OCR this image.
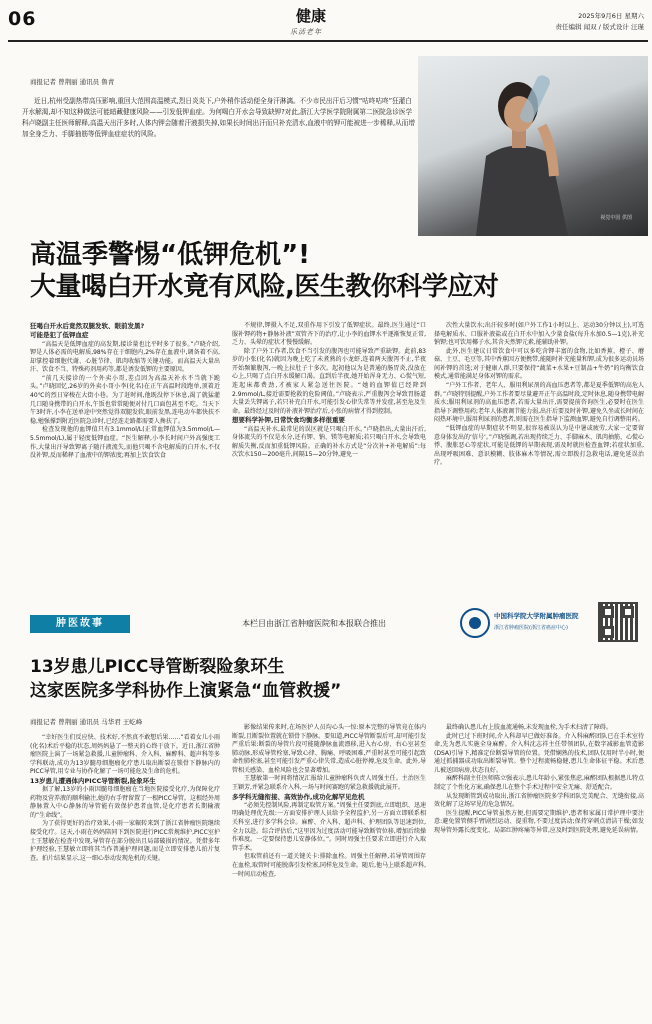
06	健康
乐活老年
2025年9月6日 星期六
责任编辑 闻双 / 版式设计 汪瑾
商报记者 曾荆丽 通讯员 鲁青
近日,杭州受副热带高压影响,重回大范围高温模式,烈日炎炎下,户外稍作活动便全身汗淋漓。不少市民出汗后习惯“咕咚咕咚”狂灌白开水解渴,却不知这种做法可能暗藏健康风险——引发低钾血症。为何喝白开水会导致缺钾?对此,浙江大学医学院附属第二医院急诊医学科卢晓副主任医师解释,高温天出汗多时,人体内钾会随着汗液损失掉,如果长时间出汗而只补充清水,血液中的钾可能被进一步稀释,从而增加全身乏力、手脚抽筋等低钾血症症状的风险。
视觉中国 供图
高温季警惕“低钾危机”!
大量喝白开水竟有风险,医生教你科学应对

狂喝白开水后竟然双腿发软、眼前发黑?

可能是犯了低钾血症

“高温天是低钾血症的高发期,接诊量也比平时多了很多。”卢晓介绍,钾是人体必需的电解质,98%存在于细胞内,2%存在血液中,调备着不高,却掌控着细胞代谢、心脏节律、肌肉收缩等关键功能。而高温天大量出汗、饮食不当、特殊药剂用药等,都是诱发低钾的主要原因。

“前几天接诊的一个外卖小哥,差点因为高温天补水不当就下跪头。”卢晓回忆,26岁的外卖小哥小李(化名)在正午高温时段跑单,顶着近40℃的烈日穿梭在大街小巷。为了赶时间,他既没停下休息,渴了就猛灌几口随身携带的白开水,午饭也常常随便对付几口面包甚至不吃。当天下午3时许,小李在送单途中突然觉得双腿发软,眼前发黑,连电动车都快扶不稳,勉强撑到附近医院急诊时,已经连走路都需要人搀扶了。

检查发现他的血钾值只有3.1mmol/L(正常血钾值为3.5mmol/L—5.5mmol/L),属于轻度低钾血症。“医生解释,小李长时间户外高强度工作,大量出汗导致钾离子随汗液流失,而他只喝不含电解质的白开水,不仅没补钾,反而稀释了血液中的钾浓度;再加上饮食饮食

不规律,钾摄入不足,双重作用下引发了低钾症状。最终,医生通过“口服补钾药物+静脉补液”双管齐下的治疗,让小李的血钾水平逐渐恢复正常,乏力、头晕的症状才慢慢缓解。

除了户外工作者,饮食不当引发的腹泻也可能导致严重缺钾。此前,83岁的小张(化名)就因为晚上吃了未煮熟的小龙虾,连着两天腹泻不止,半夜开始频繁腹泻,一晚上拉肚子十多次。起初他以为是普通的肠胃炎,没放在心上,只喝了点白开水缓解口渴。直到后半夜,她开始浑身无力、心慌气短,连起床都费劲,才被家人紧急送往医院。“她的血钾值已经降到2.9mmol/L,接近需要抢救的危险阈值。”卢晓表示,严重腹泻会导致胃肠道大量丢失钾离子,若只补充白开水,可能引发心律失常等并发症,甚至危及生命。最终经过及时的补液补钾治疗后,小张的病情才得到控制。

想要科学补钾,日常饮食均衡多样很重要

“高温天补水,最常见的误区就是只喝白开水。”卢晓指出,大量出汗后,身体流失的不仅是水分,还有钾、钠、镁等电解质;若只喝白开水,会导致电解质失衡,反而加重低钾风险。正确的补水方式是“分次补+补电解质”:每次饮水150—200毫升,间隔15—20分钟,避免一

次性大量饮水;出汗较多时(如户外工作1小时以上、运动30分钟以上),可选择电解质水、口服补液盐或在白开水中加入少量食盐(每升水加0.5—1克),补充钠钾;也可饮用椰子水,其含天然钾元素,能辅助补钾。

此外,医生建议日常饮食中可以多吃含钾丰富的食物,比如香蕉、橙子、蘑菇、土豆、毛豆等,其中香蕉因方便携带,能随时补充能量和钾,成为很多运动员场间补钾的首选;对于健康人群,只要保持“蔬菜+水果+豆制品+牛奶”的均衡饮食模式,通常能满足身体对钾的需求。

“户外工作者、老年人、服用利尿剂的高血压患者等,都是夏季低钾的高危人群。”卢晓特别提醒,户外工作者要尽量避开正午高温时段,定时休息,随身携带电解质水;服用利尿剂的高血压患者,若需大量出汗,需要提前咨询医生,必要时在医生指导下调整用药;老年人体液调节能力弱,出汗后要及时补钾,避免久坐或长时间在闷热环境中,服用利尿剂的患者,则需在医生指导下监测血钾,避免自行调整用药。

“低钾血症的早期症状不明显,很容易被误认为是中暑或疲劳,大家一定要留意身体发出的‘信号’。”卢晓强调,若出现持续乏力、手脚麻木、肌肉抽筋、心慌心悸、腹胀恶心等症状,可能是低钾的早期表现,需及时就医检查血钾;若症状加重,出现呼吸困难、意识模糊、肢体麻木等情况,需立即拨打急救电话,避免延误治疗。

肿医故事	本栏目由浙江省肿瘤医院和本报联合推出
中国科学院大学附属肿瘤医院
浙江省肿瘤医院(浙江省癌症中心)
13岁患儿PICC导管断裂险象环生
这家医院多学科协作上演紧急“血管救援”
商报记者 曾荆丽 通讯员 马华君 王屹峰

“幸好医生们反应快、技术好,不然真不敢想后果……”看着女儿小雨(化名)术后平稳的状态,周妈妈悬了一整天的心终于放下。近日,浙江省肿瘤医院上演了一场紧急救援,儿童肿瘤科、介入科、麻醉科、超声科等多学科联动,成功为13岁髓母细胞瘤化疗患儿取出断裂在锁骨下静脉内的PICC导管,用专业与协作化解了一场可能危及生命的危机。

13岁患儿遭遇体内PICC导管断裂,险象环生

据了解,13岁的小雨因髓母细胞瘤在当地医院接受化疗,为保障化疗药物及营养液的顺利输注,她的右手臂留置了一根PICC导管。这根经外周静脉置入中心静脉的导管能有效保护患者血管,是化疗患者长期输液的“生命线”。

为了获得更好的治疗效果,小雨一家辗转来到了浙江省肿瘤医院继续接受化疗。这天,小雨在妈妈陪同下到医院进行PICC常规维护,PICC室护士王慧敏在检查中发现,导管存在部分脱出且局部破损的情况。凭借多年护理经验,王慧敏立即将其当作普通护理问题,而是立即安排患儿拍片复查。拍片结果显示,这一细心举动发现危机的关键。

影像结果传来时,在场医护人员均心头一惊:原本完整的导管竟在体内断裂,且断裂位置就在锁骨下静脉。要知道,PICC导管断裂后可,却可能引发严重后果:断裂的导管片段可能随静脉血流漂移,进入右心房、右心室甚至肺动脉,形成导管栓塞,导致心律、胸痛、呼吸困难,严重时甚至可能引起致命性肺栓塞,甚至可能引发严重心律失常,造成心脏停搏,危及生命。此外,导管相关感染、血栓风险也会显著增加。

王慧敏第一时间将情况汇报给儿童肿瘤科负责人周强主任。主治医生王颖芳,并紧急联系介入科,一场与时间赛跑的紧急救援就此展开。

多学科无缝衔接、高效协作,成功化解罕见危机

“必须先控制风险,再制定取管方案。”周强主任要到底,立即组织、迅速明确处理优先级:一方面安排护理人员给予全程监护,另一方面立即联系相关科室,进行多学科会诊。麻醉、介入科、超声科、护理团队等迅速到位,全力以赴。综合评估后,“这里因为过度活动可能导致断管位移,增加后续操作难度。一定要保持患儿安静体位。”。同时周强主任要求立即进行介入取管手术。

但取管前还有一道关键关卡:排除血栓。周强主任解释,若导管周围存在血栓,取管时可能脱落引发栓塞,同样危及生命。随后,他马上联系超声科,一时间启动检查,

最终确认患儿右上肢血流通畅,未发现血栓,为手术扫清了障碍。

此时已过下班时间,介入科却早已做好准备。介入科麻醉团队已在手术室待命,先为患儿实施全身麻醉。介入科沈志祥主任带领团队,在数字减影血管造影(DSA)引导下,精准定位断裂导管的位置。凭借娴熟的技术,团队仅用时半小时,便通过抓捕器成功取出断裂导管。整个过程流畅稳健,患儿生命体征平稳。术后患儿被送回病房,状态良好。

麻醉科副主任医师陈立强表示,患儿年龄小,紧张焦虑,麻醉团队根据患儿特点制定了个性化方案,确保患儿在整个手术过程中安全无痛、舒适配合。

从发现断管到成功取出,浙江省肿瘤医院多学科团队完美配合、无缝衔接,高效化解了这场罕见的危急情况。

医生提醒,PICC导管虽然方便,但需要定期维护,患者和家属日常护理中要注意:避免置管侧手臂剧烈运动、提重物,不要过度活动;保持穿刺点清洁干燥;如发现导管外露长度变化、局部红肿疼痛等异常,应及时到医院处理,避免延误病情。
